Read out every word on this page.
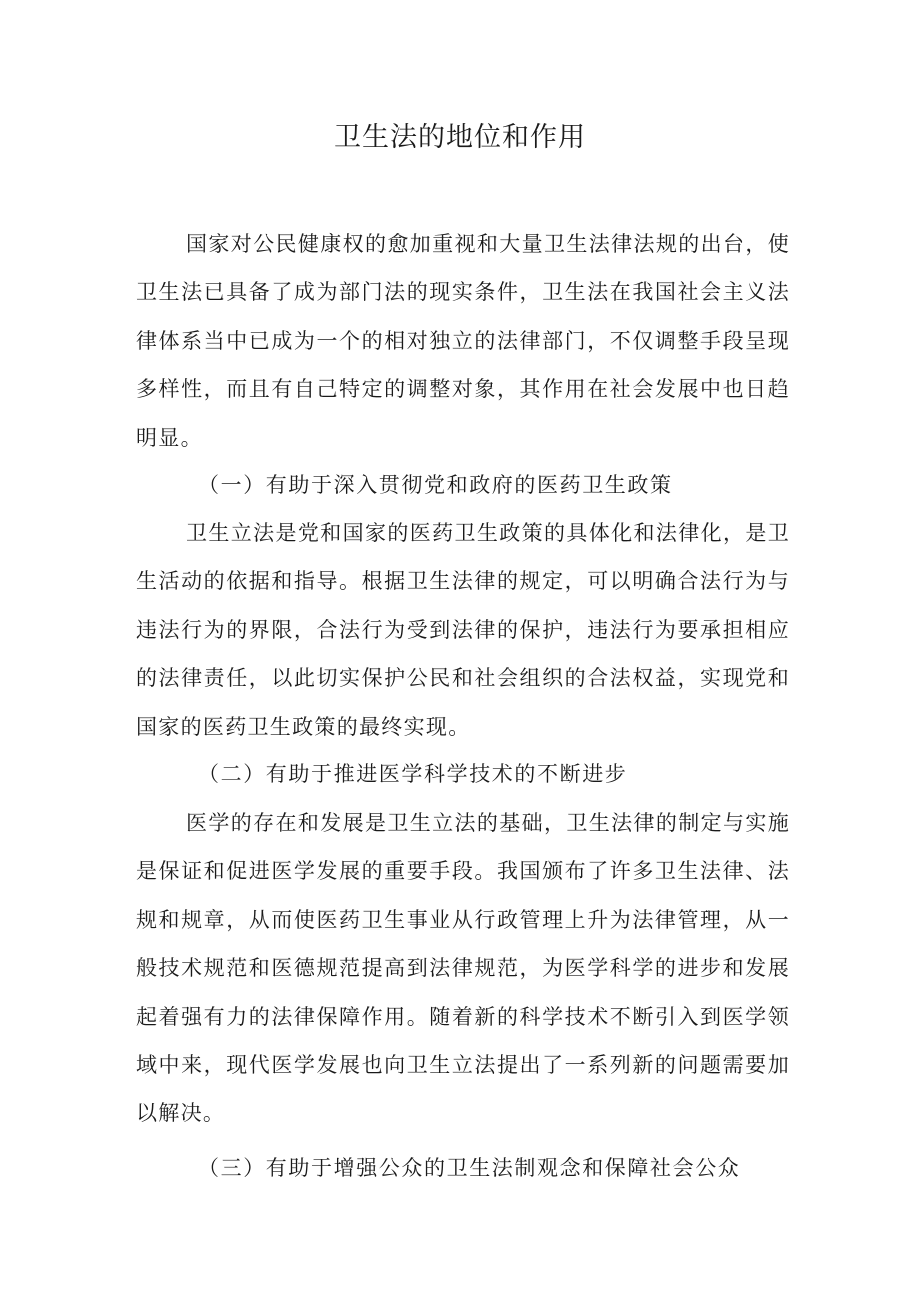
卫生法的地位和作用

国家对公民健康权的愈加重视和大量卫生法律法规的出台，使卫生法已具备了成为部门法的现实条件，卫生法在我国社会主义法律体系当中已成为一个的相对独立的法律部门，不仅调整手段呈现多样性，而且有自己特定的调整对象，其作用在社会发展中也日趋明显。

（一）有助于深入贯彻党和政府的医药卫生政策

卫生立法是党和国家的医药卫生政策的具体化和法律化，是卫生活动的依据和指导。根据卫生法律的规定，可以明确合法行为与违法行为的界限，合法行为受到法律的保护，违法行为要承担相应的法律责任，以此切实保护公民和社会组织的合法权益，实现党和国家的医药卫生政策的最终实现。

（二）有助于推进医学科学技术的不断进步

医学的存在和发展是卫生立法的基础，卫生法律的制定与实施是保证和促进医学发展的重要手段。我国颁布了许多卫生法律、法规和规章，从而使医药卫生事业从行政管理上升为法律管理，从一般技术规范和医德规范提高到法律规范，为医学科学的进步和发展起着强有力的法律保障作用。随着新的科学技术不断引入到医学领域中来，现代医学发展也向卫生立法提出了一系列新的问题需要加以解决。

（三）有助于增强公众的卫生法制观念和保障社会公众
